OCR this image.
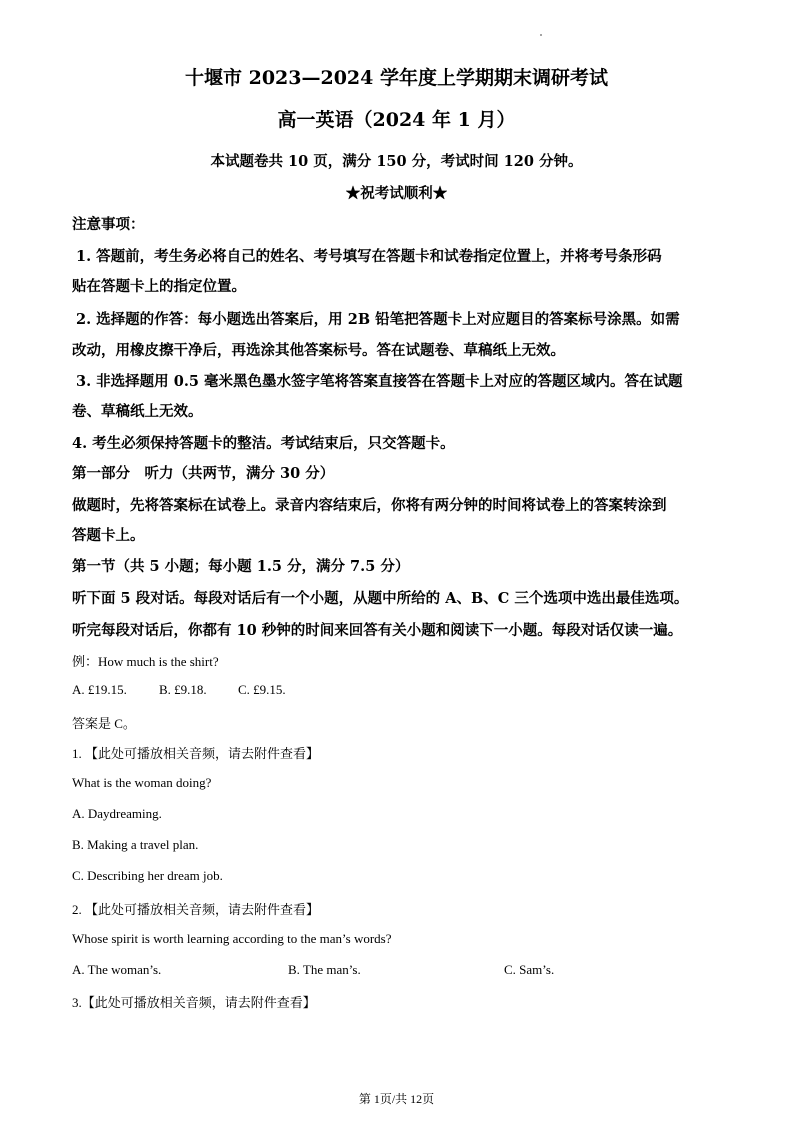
十堰市 2023—2024 学年度上学期期末调研考试
高一英语（2024 年 1 月）
本试题卷共 10 页，满分 150 分，考试时间 120 分钟。
★祝考试顺利★
注意事项：
1. 答题前，考生务必将自己的姓名、考号填写在答题卡和试卷指定位置上，并将考号条形码
贴在答题卡上的指定位置。
2. 选择题的作答：每小题选出答案后，用 2B 铅笔把答题卡上对应题目的答案标号涂黑。如需
改动，用橡皮擦干净后，再选涂其他答案标号。答在试题卷、草稿纸上无效。
3. 非选择题用 0.5 毫米黑色墨水签字笔将答案直接答在答题卡上对应的答题区域内。答在试题
卷、草稿纸上无效。
4. 考生必须保持答题卡的整洁。考试结束后，只交答题卡。
第一部分　听力（共两节，满分 30 分）
做题时，先将答案标在试卷上。录音内容结束后，你将有两分钟的时间将试卷上的答案转涂到
答题卡上。
第一节（共 5 小题；每小题 1.5 分，满分 7.5 分）
听下面 5 段对话。每段对话后有一个小题，从题中所给的 A、B、C 三个选项中选出最佳选项。
听完每段对话后，你都有 10 秒钟的时间来回答有关小题和阅读下一小题。每段对话仅读一遍。
例：How much is the shirt?
A. £19.15. B. £9.18. C. £9.15.
答案是 C。
1. 【此处可播放相关音频，请去附件查看】
What is the woman doing?
A. Daydreaming.
B. Making a travel plan.
C. Describing her dream job.
2. 【此处可播放相关音频，请去附件查看】
Whose spirit is worth learning according to the man’s words?
A. The woman’s.	B. The man’s.	C. Sam’s.
3.【此处可播放相关音频，请去附件查看】
第 1页/共 12页
